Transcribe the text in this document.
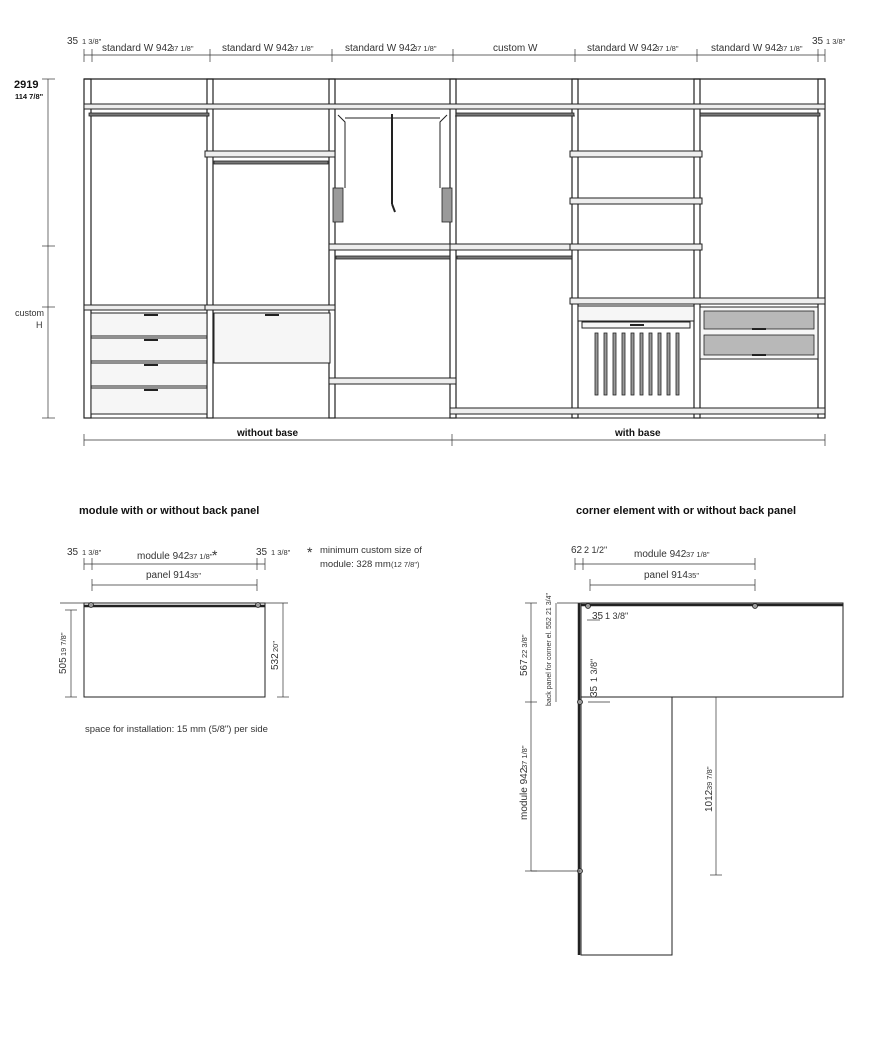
35 1 3/8"
standard W 942
37 1/8"	standard W 942
37 1/8"	standard W 942
37 1/8"	custom W	standard W 942
37 1/8"	standard W 942
37 1/8"
35 1 3/8"
2919
114 7/8"
custom
H
without base	with base
module with or without back panel
35 1 3/8"	module 942 37 1/8" *	35 1 3/8"
panel 914 35"
505
19 7/8"
532
20"
* minimum custom size of
module: 328 mm (12 7/8")
space for installation: 15 mm (5/8") per side
corner element with or without back panel
62 2 1/2"	module 942 37 1/8"
panel 914 35"
35 1 3/8"
35
1 3/8"
567
22 3/8" back panel for corner el. 552
21 3/4"
module 942
37 1/8"
1012
39 7/8"
